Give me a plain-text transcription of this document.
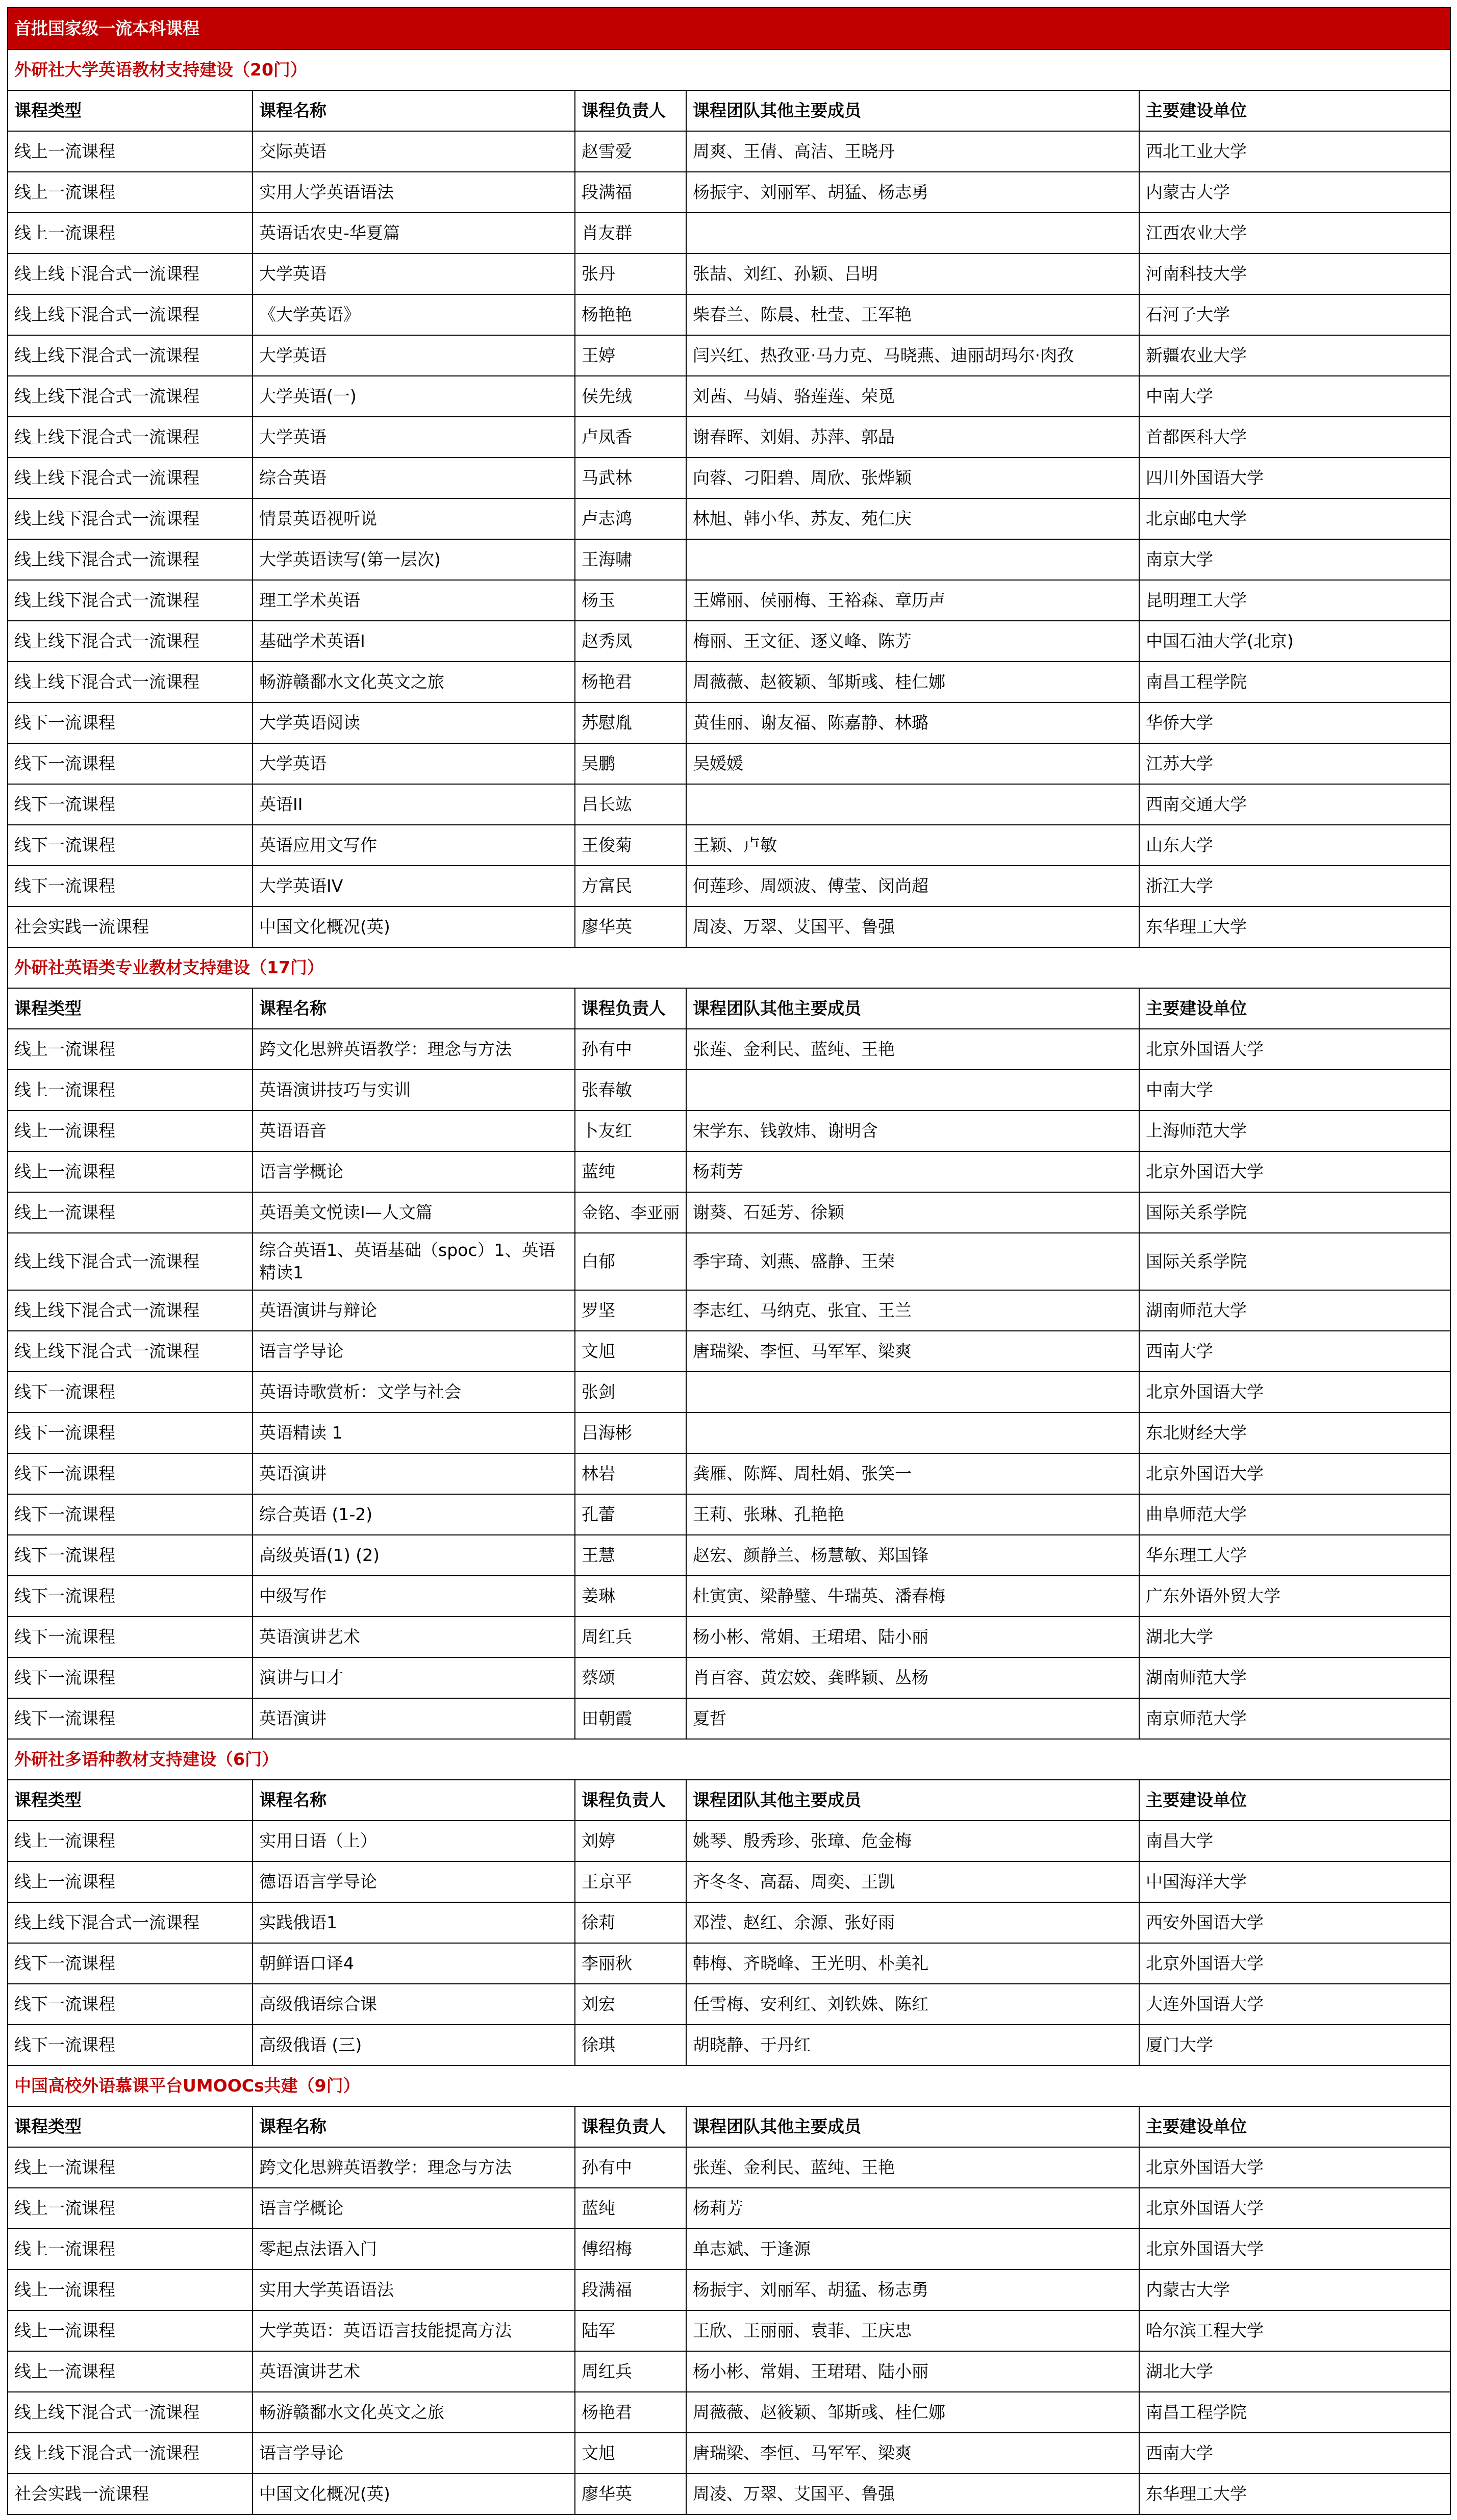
首批国家级一流本科课程				
外研社大学英语教材支持建设（20门）				
课程类型	课程名称	课程负责人	课程团队其他主要成员	主要建设单位
线上一流课程	交际英语	赵雪爱	周爽、王倩、高洁、王晓丹	西北工业大学
线上一流课程	实用大学英语语法	段满福	杨振宇、刘丽军、胡猛、杨志勇	内蒙古大学
线上一流课程	英语话农史-华夏篇	肖友群		江西农业大学
线上线下混合式一流课程	大学英语	张丹	张喆、刘红、孙颖、吕明	河南科技大学
线上线下混合式一流课程	《大学英语》	杨艳艳	柴春兰、陈晨、杜莹、王军艳	石河子大学
线上线下混合式一流课程	大学英语	王婷	闫兴红、热孜亚·马力克、马晓燕、迪丽胡玛尔·肉孜	新疆农业大学
线上线下混合式一流课程	大学英语(一)	侯先绒	刘茜、马婧、骆莲莲、荣觅	中南大学
线上线下混合式一流课程	大学英语	卢凤香	谢春晖、刘娟、苏萍、郭晶	首都医科大学
线上线下混合式一流课程	综合英语	马武林	向蓉、刁阳碧、周欣、张烨颖	四川外国语大学
线上线下混合式一流课程	情景英语视听说	卢志鸿	林旭、韩小华、苏友、苑仁庆	北京邮电大学
线上线下混合式一流课程	大学英语读写(第一层次)	王海啸		南京大学
线上线下混合式一流课程	理工学术英语	杨玉	王嫦丽、侯丽梅、王裕森、章历声	昆明理工大学
线上线下混合式一流课程	基础学术英语I	赵秀凤	梅丽、王文征、逐义峰、陈芳	中国石油大学(北京)
线上线下混合式一流课程	畅游赣鄱水文化英文之旅	杨艳君	周薇薇、赵筱颖、邹斯彧、桂仁娜	南昌工程学院
线下一流课程	大学英语阅读	苏慰胤	黄佳丽、谢友福、陈嘉静、林璐	华侨大学
线下一流课程	大学英语	吴鹏	吴媛媛	江苏大学
线下一流课程	英语II	吕长竑		西南交通大学
线下一流课程	英语应用文写作	王俊菊	王颖、卢敏	山东大学
线下一流课程	大学英语IV	方富民	何莲珍、周颂波、傅莹、闵尚超	浙江大学
社会实践一流课程	中国文化概况(英)	廖华英	周凌、万翠、艾国平、鲁强	东华理工大学
外研社英语类专业教材支持建设（17门）				
课程类型	课程名称	课程负责人	课程团队其他主要成员	主要建设单位
线上一流课程	跨文化思辨英语教学：理念与方法	孙有中	张莲、金利民、蓝纯、王艳	北京外国语大学
线上一流课程	英语演讲技巧与实训	张春敏		中南大学
线上一流课程	英语语音	卜友红	宋学东、钱敦炜、谢明含	上海师范大学
线上一流课程	语言学概论	蓝纯	杨莉芳	北京外国语大学
线上一流课程	英语美文悦读I—人文篇	金铭、李亚丽	谢葵、石延芳、徐颖	国际关系学院
线上线下混合式一流课程	综合英语1、英语基础（spoc）1、英语精读1	白郁	季宇琦、刘燕、盛静、王荣	国际关系学院
线上线下混合式一流课程	英语演讲与辩论	罗坚	李志红、马纳克、张宜、王兰	湖南师范大学
线上线下混合式一流课程	语言学导论	文旭	唐瑞梁、李恒、马军军、梁爽	西南大学
线下一流课程	英语诗歌赏析：文学与社会	张剑		北京外国语大学
线下一流课程	英语精读 1	吕海彬		东北财经大学
线下一流课程	英语演讲	林岩	龚雁、陈辉、周杜娟、张笑一	北京外国语大学
线下一流课程	综合英语 (1-2)	孔蕾	王莉、张琳、孔艳艳	曲阜师范大学
线下一流课程	高级英语(1) (2)	王慧	赵宏、颜静兰、杨慧敏、郑国锋	华东理工大学
线下一流课程	中级写作	姜琳	杜寅寅、梁静璧、牛瑞英、潘春梅	广东外语外贸大学
线下一流课程	英语演讲艺术	周红兵	杨小彬、常娟、王珺珺、陆小丽	湖北大学
线下一流课程	演讲与口才	蔡颂	肖百容、黄宏姣、龚晔颖、丛杨	湖南师范大学
线下一流课程	英语演讲	田朝霞	夏哲	南京师范大学
外研社多语种教材支持建设（6门）				
课程类型	课程名称	课程负责人	课程团队其他主要成员	主要建设单位
线上一流课程	实用日语（上）	刘婷	姚琴、殷秀珍、张璋、危金梅	南昌大学
线上一流课程	德语语言学导论	王京平	齐冬冬、高磊、周奕、王凯	中国海洋大学
线上线下混合式一流课程	实践俄语1	徐莉	邓滢、赵红、余源、张好雨	西安外国语大学
线下一流课程	朝鲜语口译4	李丽秋	韩梅、齐晓峰、王光明、朴美礼	北京外国语大学
线下一流课程	高级俄语综合课	刘宏	任雪梅、安利红、刘铁姝、陈红	大连外国语大学
线下一流课程	高级俄语 (三)	徐琪	胡晓静、于丹红	厦门大学
中国高校外语慕课平台UMOOCs共建（9门）				
课程类型	课程名称	课程负责人	课程团队其他主要成员	主要建设单位
线上一流课程	跨文化思辨英语教学：理念与方法	孙有中	张莲、金利民、蓝纯、王艳	北京外国语大学
线上一流课程	语言学概论	蓝纯	杨莉芳	北京外国语大学
线上一流课程	零起点法语入门	傅绍梅	单志斌、于逢源	北京外国语大学
线上一流课程	实用大学英语语法	段满福	杨振宇、刘丽军、胡猛、杨志勇	内蒙古大学
线上一流课程	大学英语：英语语言技能提高方法	陆军	王欣、王丽丽、袁菲、王庆忠	哈尔滨工程大学
线上一流课程	英语演讲艺术	周红兵	杨小彬、常娟、王珺珺、陆小丽	湖北大学
线上线下混合式一流课程	畅游赣鄱水文化英文之旅	杨艳君	周薇薇、赵筱颖、邹斯彧、桂仁娜	南昌工程学院
线上线下混合式一流课程	语言学导论	文旭	唐瑞梁、李恒、马军军、梁爽	西南大学
社会实践一流课程	中国文化概况(英)	廖华英	周凌、万翠、艾国平、鲁强	东华理工大学
